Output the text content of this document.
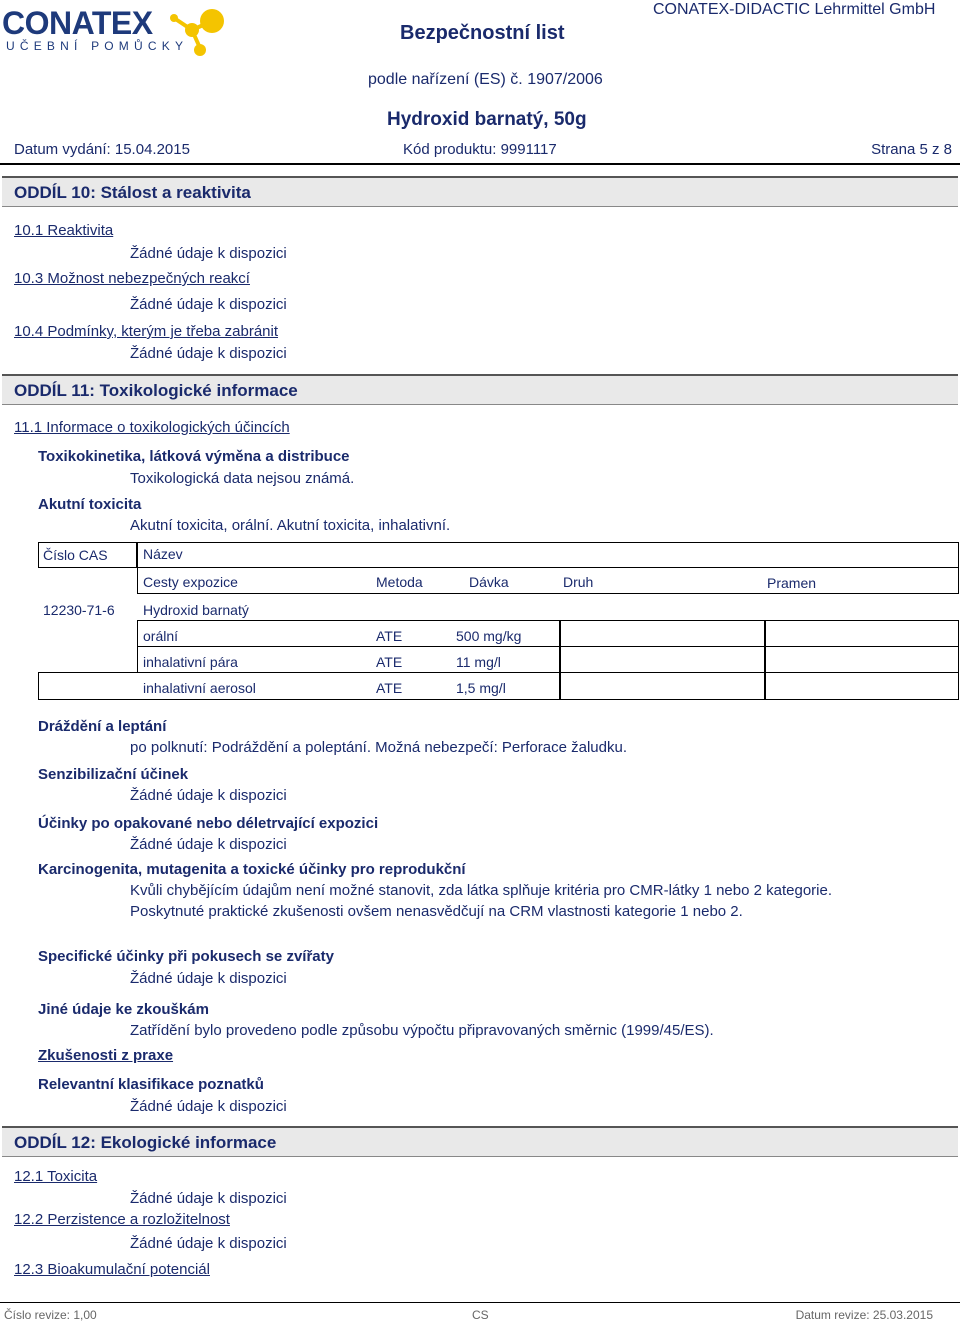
CONATEX
UČEBNÍ POMŮCKY
Bezpečnostní list
CONATEX-DIDACTIC Lehrmittel GmbH
podle nařízení (ES) č. 1907/2006
Hydroxid barnatý, 50g
Datum vydání: 15.04.2015	Kód produktu: 9991117	Strana 5 z 8
ODDÍL 10: Stálost a reaktivita
10.1 Reaktivita
Žádné údaje k dispozici
10.3 Možnost nebezpečných reakcí
Žádné údaje k dispozici
10.4 Podmínky, kterým je třeba zabránit
Žádné údaje k dispozici
ODDÍL 11: Toxikologické informace
11.1 Informace o toxikologických účincích
Toxikokinetika, látková výměna a distribuce
Toxikologická data nejsou známá.
Akutní toxicita
Akutní toxicita, orální. Akutní toxicita, inhalativní.
Číslo CAS	Název
Cesty expozice	Metoda	Dávka	Druh	Pramen
12230-71-6 Hydroxid barnatý
orální	ATE	500 mg/kg
inhalativní pára	ATE	11 mg/l
inhalativní aerosol	ATE	1,5 mg/l
Dráždění a leptání
po polknutí: Podráždění a poleptání. Možná nebezpečí: Perforace žaludku.
Senzibilizační účinek
Žádné údaje k dispozici
Účinky po opakované nebo déletrvající expozici
Žádné údaje k dispozici
Karcinogenita, mutagenita a toxické účinky pro reprodukční
Kvůli chybějícím údajům není možné stanovit, zda látka splňuje kritéria pro CMR-látky 1 nebo 2 kategorie. Poskytnuté praktické zkušenosti ovšem nenasvědčují na CRM vlastnosti kategorie 1 nebo 2.
Specifické účinky při pokusech se zvířaty
Žádné údaje k dispozici
Jiné údaje ke zkouškám
Zatřídění bylo provedeno podle způsobu výpočtu připravovaných směrnic (1999/45/ES).
Zkušenosti z praxe
Relevantní klasifikace poznatků
Žádné údaje k dispozici
ODDÍL 12: Ekologické informace
12.1 Toxicita
Žádné údaje k dispozici
12.2 Perzistence a rozložitelnost
Žádné údaje k dispozici
12.3 Bioakumulační potenciál
Číslo revize: 1,00	CS	Datum revize: 25.03.2015
